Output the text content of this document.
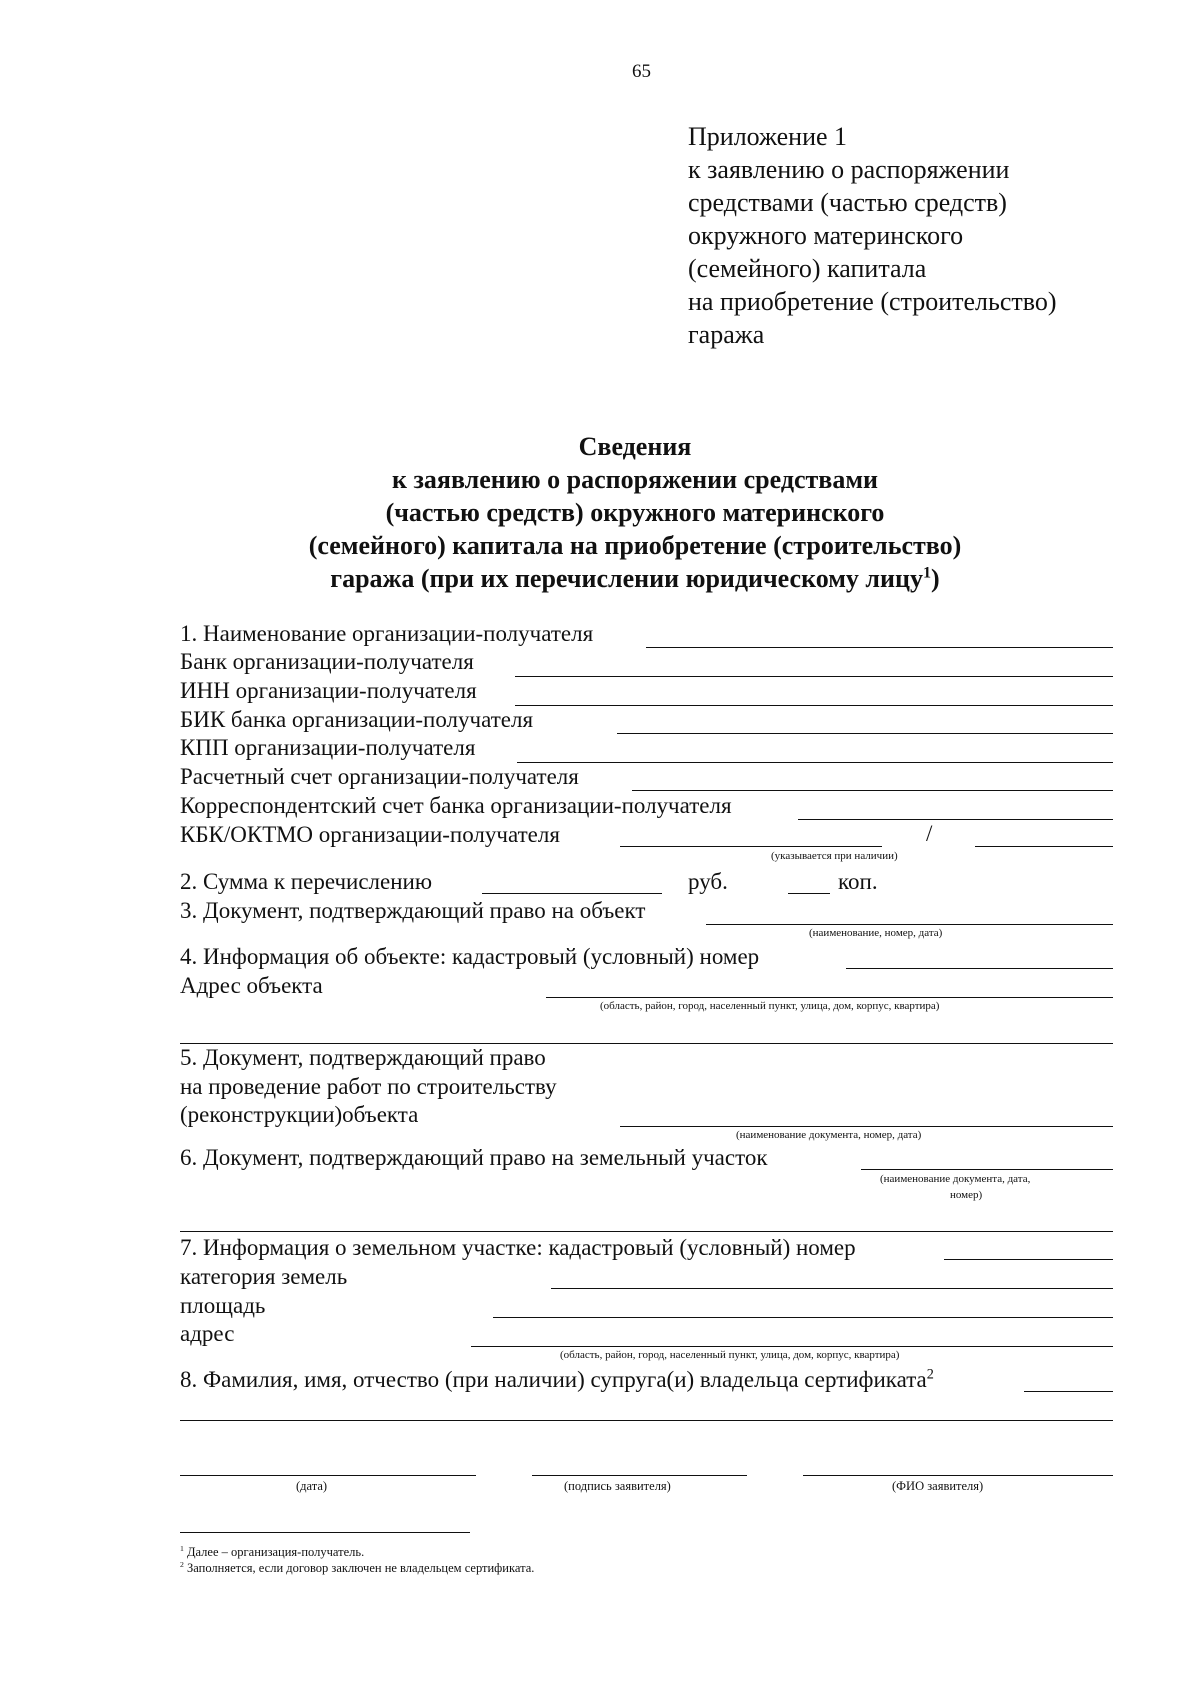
65
Приложение 1
к заявлению о распоряжении
средствами (частью средств)
окружного материнского
(семейного) капитала
на приобретение (строительство)
гаража
Сведения
к заявлению о распоряжении средствами
(частью средств) окружного материнского
(семейного) капитала на приобретение (строительство)
гаража (при их перечислении юридическому лицу$^1$)
1. Наименование организации-получателя
Банк организации-получателя
ИНН организации-получателя
БИК банка организации-получателя
КПП организации-получателя
Расчетный счет организации-получателя
Корреспондентский счет банка организации-получателя
КБК/ОКТМО организации-получателя	/
(указывается при наличии)
2. Сумма к перечислению	руб.	коп.
3. Документ, подтверждающий право на объект
(наименование, номер, дата)
4. Информация об объекте: кадастровый (условный) номер
Адрес объекта
(область, район, город, населенный пункт, улица, дом, корпус, квартира)
5. Документ, подтверждающий право
на проведение работ по строительству
(реконструкции)объекта
(наименование документа, номер, дата)
6. Документ, подтверждающий право на земельный участок
(наименование документа, дата,
номер)
7. Информация о земельном участке: кадастровый (условный) номер
категория земель
площадь
адрес
(область, район, город, населенный пункт, улица, дом, корпус, квартира)
8. Фамилия, имя, отчество (при наличии) супруга(и) владельца сертификата$^2$
(дата)	(подпись заявителя)	(ФИО заявителя)
$^1$ Далее – организация-получатель.
$^2$ Заполняется, если договор заключен не владельцем сертификата.
